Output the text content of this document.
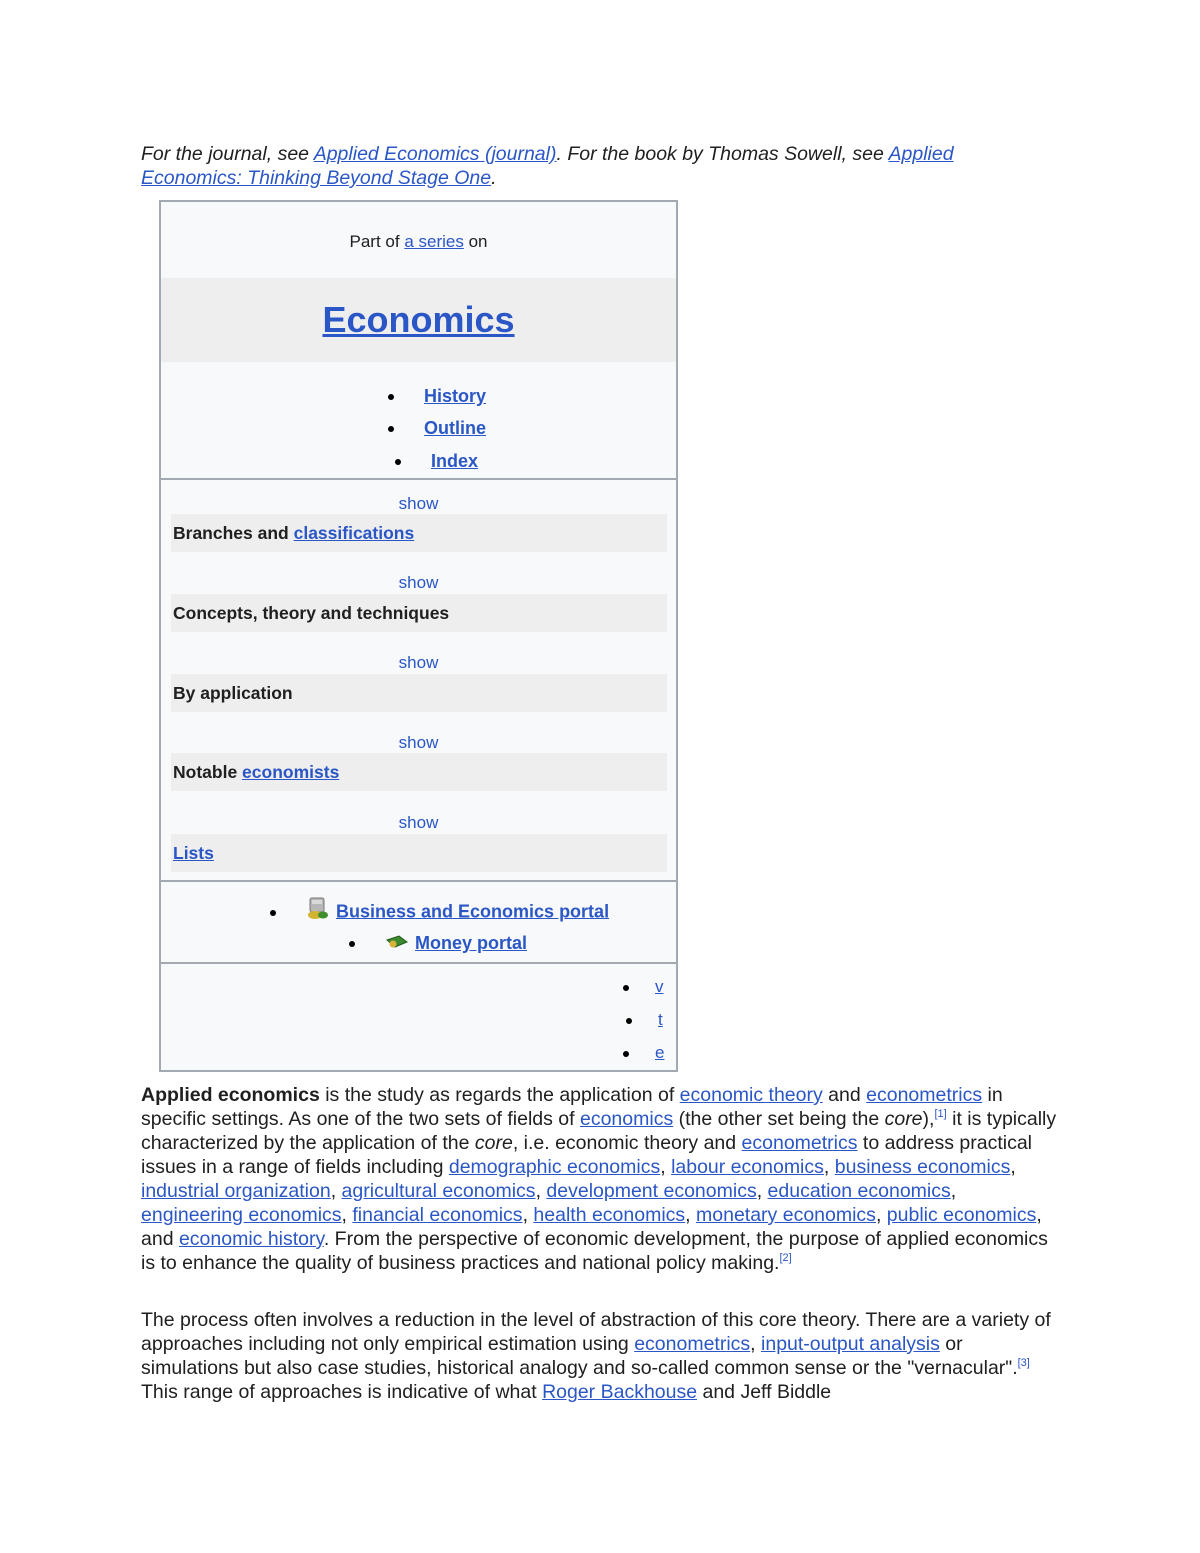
For the journal, see Applied Economics (journal). For the book by Thomas Sowell, see Applied Economics: Thinking Beyond Stage One.
Part of a series on
Economics
History
Outline
Index
show
Branches and classifications
show
Concepts, theory and techniques
show
By application
show
Notable economists
show
Lists
Business and Economics portal
Money portal
v
t
e

Applied economics is the study as regards the application of economic theory and econometrics in specific settings. As one of the two sets of fields of economics (the other set being the core),[1] it is typically characterized by the application of the core, i.e. economic theory and econometrics to address practical issues in a range of fields including demographic economics, labour economics, business economics, industrial organization, agricultural economics, development economics, education economics, engineering economics, financial economics, health economics, monetary economics, public economics, and economic history. From the perspective of economic development, the purpose of applied economics is to enhance the quality of business practices and national policy making.[2]

The process often involves a reduction in the level of abstraction of this core theory. There are a variety of approaches including not only empirical estimation using econometrics, input-output analysis or simulations but also case studies, historical analogy and so-called common sense or the "vernacular".[3] This range of approaches is indicative of what Roger Backhouse and Jeff Biddle
